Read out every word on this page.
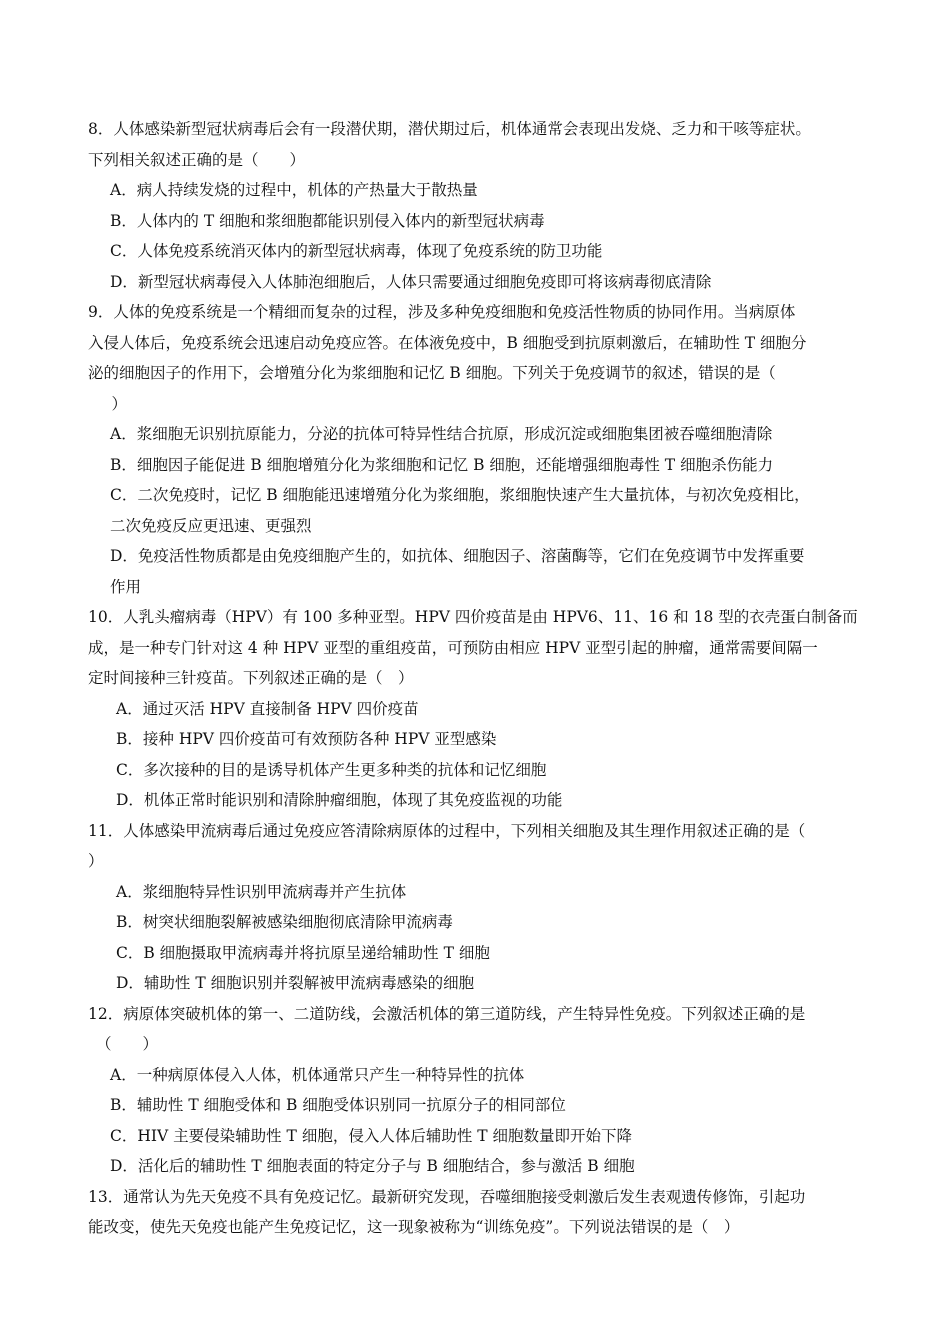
8．人体感染新型冠状病毒后会有一段潜伏期，潜伏期过后，机体通常会表现出发烧、乏力和干咳等症状。
下列相关叙述正确的是（　　）
A．病人持续发烧的过程中，机体的产热量大于散热量
B．人体内的 T 细胞和浆细胞都能识别侵入体内的新型冠状病毒
C．人体免疫系统消灭体内的新型冠状病毒，体现了免疫系统的防卫功能
D．新型冠状病毒侵入人体肺泡细胞后，人体只需要通过细胞免疫即可将该病毒彻底清除
9．人体的免疫系统是一个精细而复杂的过程，涉及多种免疫细胞和免疫活性物质的协同作用。当病原体
入侵人体后，免疫系统会迅速启动免疫应答。在体液免疫中，B 细胞受到抗原刺激后，在辅助性 T 细胞分
泌的细胞因子的作用下，会增殖分化为浆细胞和记忆 B 细胞。下列关于免疫调节的叙述，错误的是（
　）
A．浆细胞无识别抗原能力，分泌的抗体可特异性结合抗原，形成沉淀或细胞集团被吞噬细胞清除
B．细胞因子能促进 B 细胞增殖分化为浆细胞和记忆 B 细胞，还能增强细胞毒性 T 细胞杀伤能力
C．二次免疫时，记忆 B 细胞能迅速增殖分化为浆细胞，浆细胞快速产生大量抗体，与初次免疫相比，
二次免疫反应更迅速、更强烈
D．免疫活性物质都是由免疫细胞产生的，如抗体、细胞因子、溶菌酶等，它们在免疫调节中发挥重要
作用
10．人乳头瘤病毒（HPV）有 100 多种亚型。HPV 四价疫苗是由 HPV6、11、16 和 18 型的衣壳蛋白制备而
成，是一种专门针对这 4 种 HPV 亚型的重组疫苗，可预防由相应 HPV 亚型引起的肿瘤，通常需要间隔一
定时间接种三针疫苗。下列叙述正确的是（　）
A．通过灭活 HPV 直接制备 HPV 四价疫苗
B．接种 HPV 四价疫苗可有效预防各种 HPV 亚型感染
C．多次接种的目的是诱导机体产生更多种类的抗体和记忆细胞
D．机体正常时能识别和清除肿瘤细胞，体现了其免疫监视的功能
11．人体感染甲流病毒后通过免疫应答清除病原体的过程中，下列相关细胞及其生理作用叙述正确的是（
）
A．浆细胞特异性识别甲流病毒并产生抗体
B．树突状细胞裂解被感染细胞彻底清除甲流病毒
C．B 细胞摄取甲流病毒并将抗原呈递给辅助性 T 细胞
D．辅助性 T 细胞识别并裂解被甲流病毒感染的细胞
12．病原体突破机体的第一、二道防线，会激活机体的第三道防线，产生特异性免疫。下列叙述正确的是
（　　）
A．一种病原体侵入人体，机体通常只产生一种特异性的抗体
B．辅助性 T 细胞受体和 B 细胞受体识别同一抗原分子的相同部位
C．HIV 主要侵染辅助性 T 细胞，侵入人体后辅助性 T 细胞数量即开始下降
D．活化后的辅助性 T 细胞表面的特定分子与 B 细胞结合，参与激活 B 细胞
13．通常认为先天免疫不具有免疫记忆。最新研究发现，吞噬细胞接受刺激后发生表观遗传修饰，引起功
能改变，使先天免疫也能产生免疫记忆，这一现象被称为“训练免疫”。下列说法错误的是（　）
